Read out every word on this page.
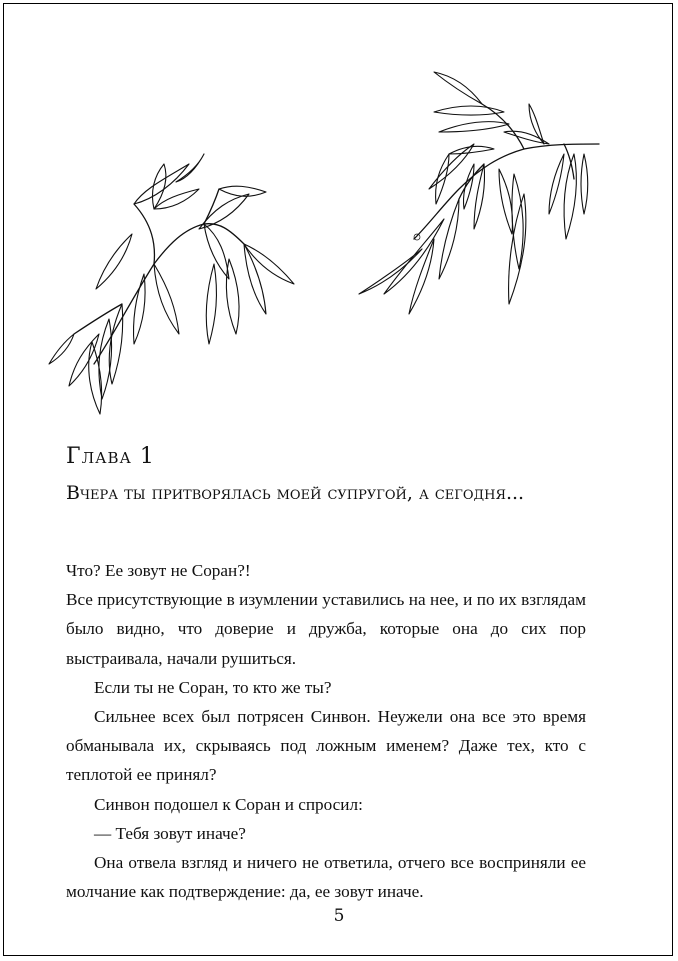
Глава 1
Вчера ты притворялась моей супругой, а сегодня...

Что? Ее зовут не Соран?!

Все присутствующие в изумлении уставились на нее, и по их взглядам было видно, что доверие и дружба, которые она до сих пор выстраивала, начали рушиться.

Если ты не Соран, то кто же ты?

Сильнее всех был потрясен Синвон. Неужели она все это время обманывала их, скрываясь под ложным именем? Даже тех, кто с теплотой ее принял?

Синвон подошел к Соран и спросил:

— Тебя зовут иначе?

Она отвела взгляд и ничего не ответила, отчего все восприняли ее молчание как подтверждение: да, ее зовут иначе.

5
